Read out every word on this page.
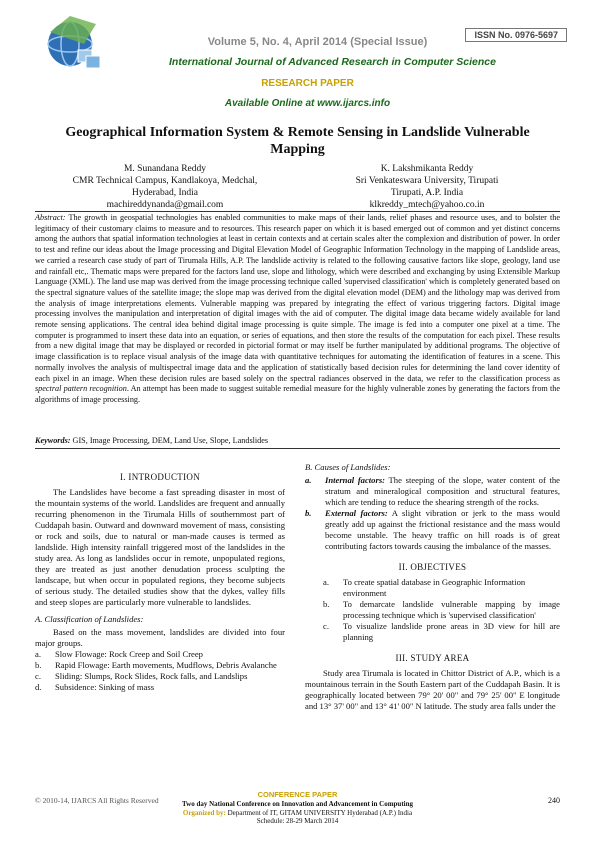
ISSN No. 0976-5697
Volume 5, No. 4, April 2014 (Special Issue)
International Journal of Advanced Research in Computer Science
RESEARCH PAPER
Available Online at www.ijarcs.info
Geographical Information System & Remote Sensing in Landslide Vulnerable Mapping
M. Sunandana Reddy
CMR Technical Campus, Kandlakoya, Medchal,
Hyderabad, India
machireddynanda@gmail.com
K. Lakshmikanta Reddy
Sri Venkateswara University, Tirupati
Tirupati, A.P. India
klkreddy_mtech@yahoo.co.in
Abstract: The growth in geospatial technologies has enabled communities to make maps of their lands, relief phases and resource uses, and to bolster the legitimacy of their customary claims to measure and to resources. This research paper on which it is based emerged out of common and yet distinct concerns among the authors that spatial information technologies at least in certain contexts and at certain scales alter the complexion and distribution of power. In order to test and refine our ideas about the Image processing and Digital Elevation Model of Geographic Information Technology in the mapping of Landslide areas, we carried a research case study of part of Tirumala Hills, A.P. The landslide activity is related to the following causative factors like slope, geology, land use and rainfall etc,. Thematic maps were prepared for the factors land use, slope and lithology, which were described and exchanging by using Extensible Markup Language (XML). The land use map was derived from the image processing technique called 'supervised classification' which is completely generated based on the spectral signature values of the satellite image; the slope map was derived from the digital elevation model (DEM) and the lithology map was derived from the analysis of image interpretations elements. Vulnerable mapping was prepared by integrating the effect of various triggering factors. Digital image processing involves the manipulation and interpretation of digital images with the aid of computer. The digital image data became widely available for land remote sensing applications. The central idea behind digital image processing is quite simple. The image is fed into a computer one pixel at a time. The computer is programmed to insert these data into an equation, or series of equations, and then store the results of the computation for each pixel. These results from a new digital image that may be displayed or recorded in pictorial format or may itself be further manipulated by additional programs. The objective of image classification is to replace visual analysis of the image data with quantitative techniques for automating the identification of features in a scene. This normally involves the analysis of multispectral image data and the application of statistically based decision rules for determining the land cover identity of each pixel in an image. When these decision rules are based solely on the spectral radiances observed in the data, we refer to the classification process as spectral pattern recognition. An attempt has been made to suggest suitable remedial measure for the highly vulnerable zones by generating the factors from the algorithms of image processing.
Keywords: GIS, Image Processing, DEM, Land Use, Slope, Landslides
I. INTRODUCTION

The Landslides have become a fast spreading disaster in most of the mountain systems of the world. Landslides are frequent and annually recurring phenomenon in the Tirumala Hills of southernmost part of Cuddapah basin. Outward and downward movement of mass, consisting or rock and soils, due to natural or man-made causes is termed as landslide. High intensity rainfall triggered most of the landslides in the study area. As long as landslides occur in remote, unpopulated regions, they are treated as just another denudation process sculpting the landscape, but when occur in populated regions, they become subjects of serious study. The detailed studies show that the dykes, valley fills and steep slopes are particularly more vulnerable to landslides.

A. Classification of Landslides:

Based on the mass movement, landslides are divided into four major groups.

a.	Slow Flowage: Rock Creep and Soil Creep
b.	Rapid Flowage: Earth movements, Mudflows, Debris Avalanche
c.	Sliding: Slumps, Rock Slides, Rock falls, and Landslips
d.	Subsidence: Sinking of mass
B. Causes of Landslides:
a.	Internal factors: The steeping of the slope, water content of the stratum and mineralogical composition and structural features, which are tending to reduce the shearing strength of the rocks.
b.	External factors: A slight vibration or jerk to the mass would greatly add up against the frictional resistance and the mass would become unstable. The heavy traffic on hill roads is of great contributing factors towards causing the imbalance of the masses.
II. OBJECTIVES
a.	To create spatial database in Geographic Information environment
b.	To demarcate landslide vulnerable mapping by image processing technique which is 'supervised classification'
c.	To visualize landslide prone areas in 3D view for hill are planning
III. STUDY AREA

Study area Tirumala is located in Chittor District of A.P., which is a mountainous terrain in the South Eastern part of the Cuddapah Basin. It is geographically located between 79° 20' 00" and 79° 25' 00" E longitude and 13° 37' 00" and 13° 41' 00" N latitude. The study area falls under the

© 2010-14, IJARCS All Rights Reserved
CONFERENCE PAPER
Two day National Conference on Innovation and Advancement in Computing
Organized by: Department of IT, GITAM UNIVERSITY Hyderabad (A.P.) India
Schedule: 28-29 March 2014
240
